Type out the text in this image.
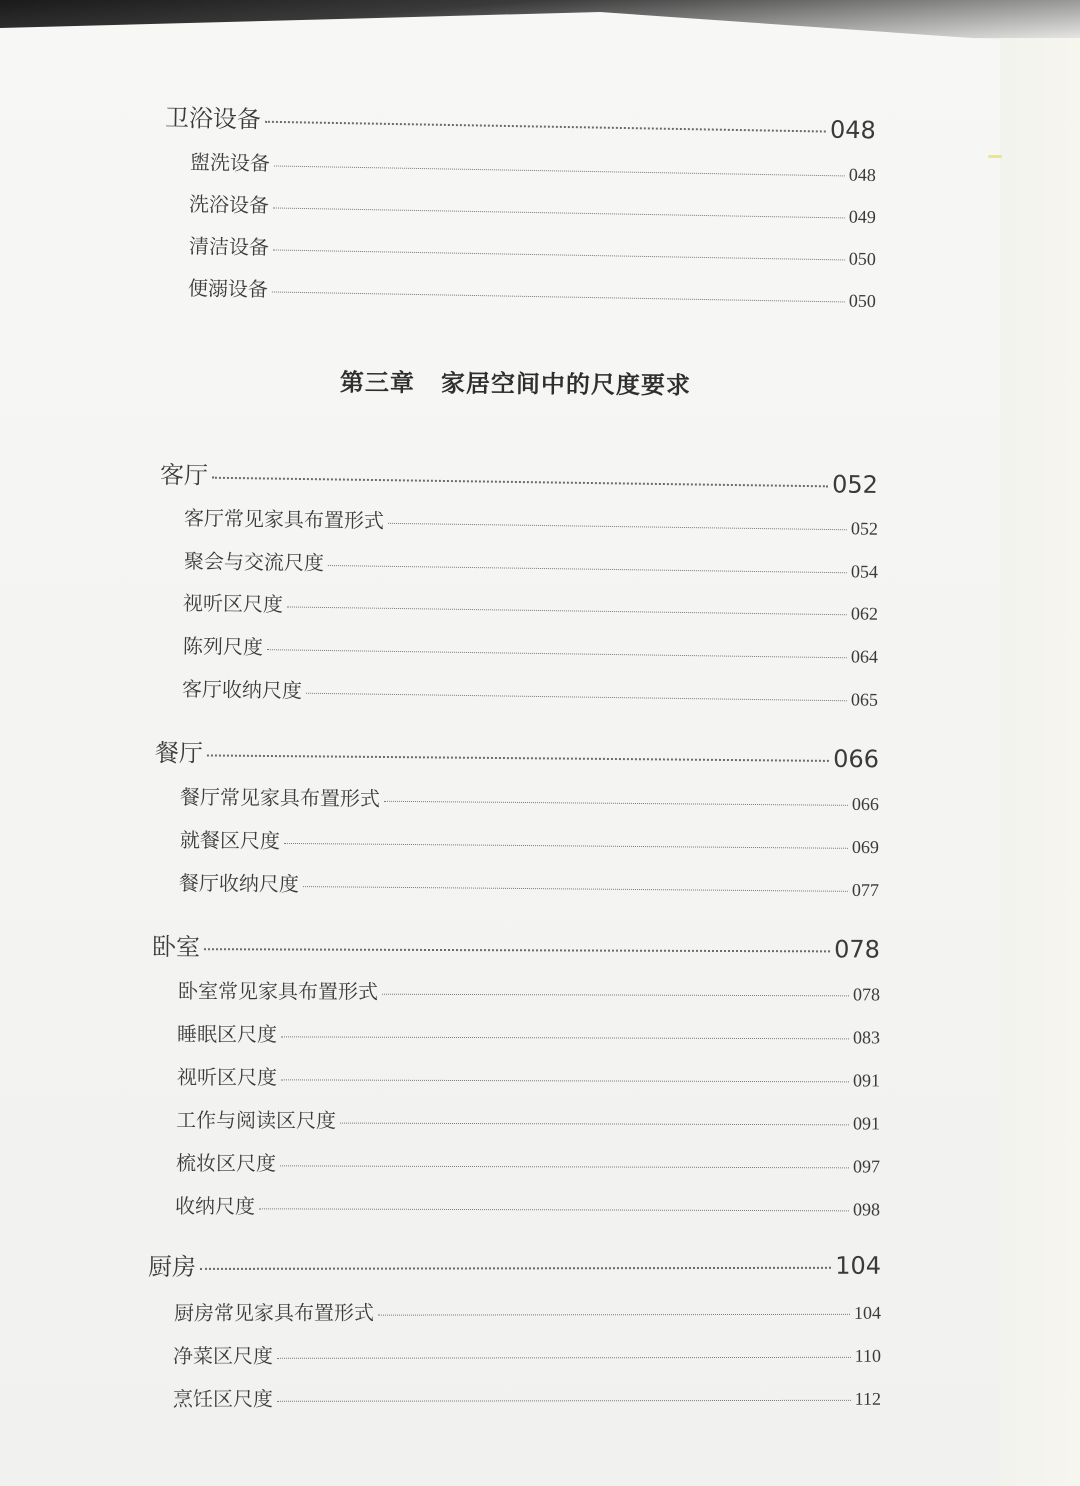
第三章 家居空间中的尺度要求
卫浴设备	048
盥洗设备	048
洗浴设备	049
清洁设备	050
便溺设备	050
客厅	052
客厅常见家具布置形式	052
聚会与交流尺度	054
视听区尺度	062
陈列尺度	064
客厅收纳尺度	065
餐厅	066
餐厅常见家具布置形式	066
就餐区尺度	069
餐厅收纳尺度	077
卧室	078
卧室常见家具布置形式	078
睡眠区尺度	083
视听区尺度	091
工作与阅读区尺度	091
梳妆区尺度	097
收纳尺度	098
厨房	104
厨房常见家具布置形式	104
净菜区尺度	110
烹饪区尺度	112
